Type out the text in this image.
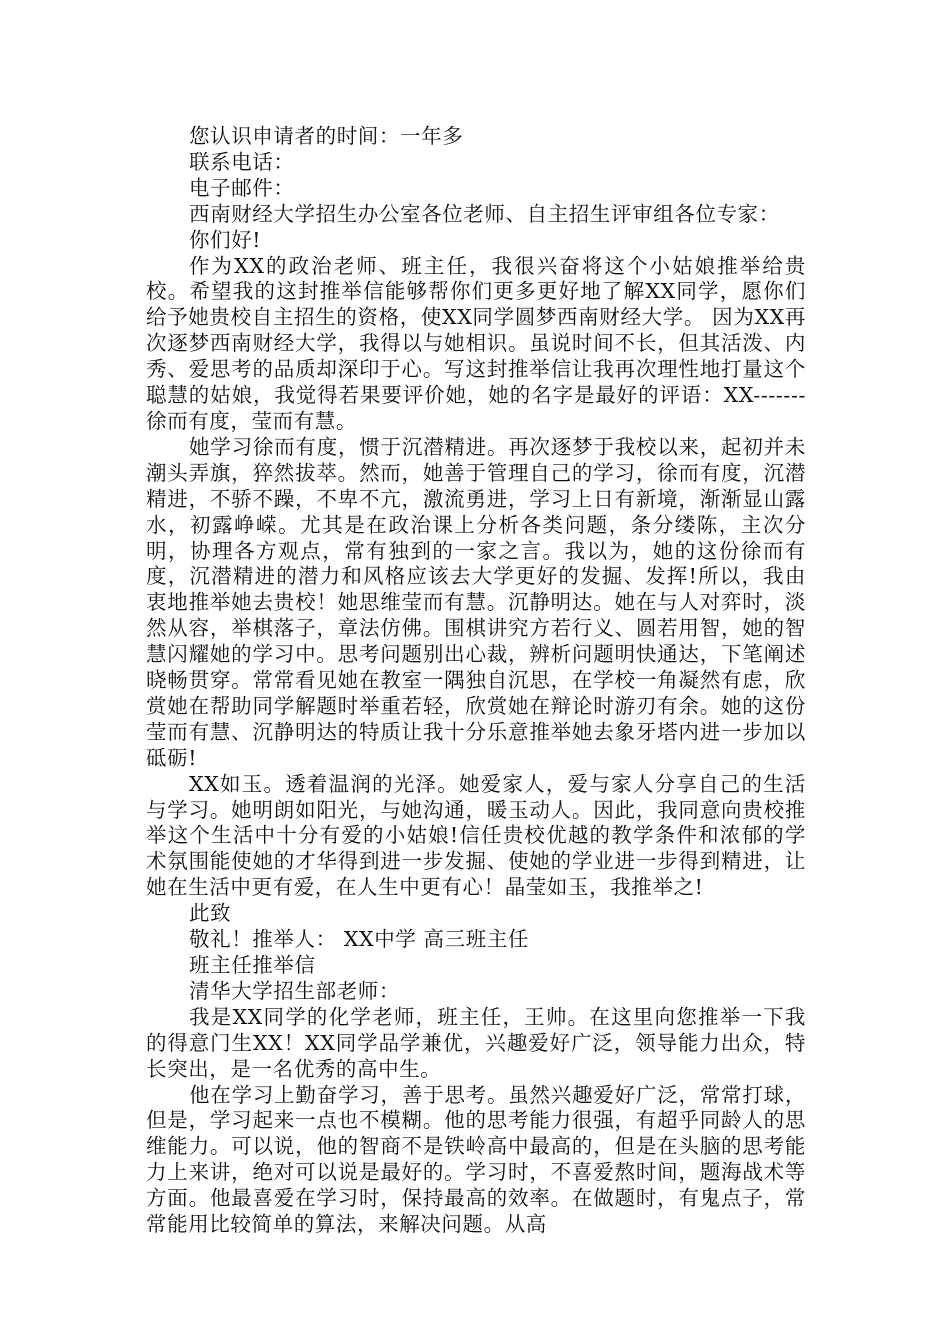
您认识申请者的时间：一年多
联系电话：
电子邮件：
西南财经大学招生办公室各位老师、自主招生评审组各位专家：
你们好!

作为XX的政治老师、班主任，我很兴奋将这个小姑娘推举给贵校。希望我的这封推举信能够帮你们更多更好地了解XX同学，愿你们给予她贵校自主招生的资格，使XX同学圆梦西南财经大学。 因为XX再次逐梦西南财经大学，我得以与她相识。虽说时间不长，但其活泼、内秀、爱思考的品质却深印于心。写这封推举信让我再次理性地打量这个聪慧的姑娘，我觉得若果要评价她，她的名字是最好的评语：XX-------徐而有度，莹而有慧。

她学习徐而有度，惯于沉潜精进。再次逐梦于我校以来，起初并未潮头弄旗，猝然拔萃。然而，她善于管理自己的学习，徐而有度，沉潜精进，不骄不躁，不卑不亢，激流勇进，学习上日有新境，渐渐显山露水，初露峥嵘。尤其是在政治课上分析各类问题，条分缕陈，主次分明，协理各方观点，常有独到的一家之言。我以为，她的这份徐而有度，沉潜精进的潜力和风格应该去大学更好的发掘、发挥!所以，我由衷地推举她去贵校！她思维莹而有慧。沉静明达。她在与人对弈时，淡然从容，举棋落子，章法仿佛。围棋讲究方若行义、圆若用智，她的智慧闪耀她的学习中。思考问题别出心裁，辨析问题明快通达，下笔阐述晓畅贯穿。常常看见她在教室一隅独自沉思，在学校一角凝然有虑，欣赏她在帮助同学解题时举重若轻，欣赏她在辩论时游刃有余。她的这份莹而有慧、沉静明达的特质让我十分乐意推举她去象牙塔内进一步加以砥砺!

XX如玉。透着温润的光泽。她爱家人，爱与家人分享自己的生活与学习。她明朗如阳光，与她沟通，暖玉动人。因此，我同意向贵校推举这个生活中十分有爱的小姑娘!信任贵校优越的教学条件和浓郁的学术氛围能使她的才华得到进一步发掘、使她的学业进一步得到精进，让她在生活中更有爱，在人生中更有心！晶莹如玉，我推举之!

此致
敬礼！推举人： XX中学 高三班主任
班主任推举信
清华大学招生部老师：

我是XX同学的化学老师，班主任，王帅。在这里向您推举一下我的得意门生XX！XX同学品学兼优，兴趣爱好广泛，领导能力出众，特长突出，是一名优秀的高中生。

他在学习上勤奋学习，善于思考。虽然兴趣爱好广泛，常常打球，但是，学习起来一点也不模糊。他的思考能力很强，有超乎同龄人的思维能力。可以说，他的智商不是铁岭高中最高的，但是在头脑的思考能力上来讲，绝对可以说是最好的。学习时，不喜爱熬时间，题海战术等方面。他最喜爱在学习时，保持最高的效率。在做题时，有鬼点子，常常能用比较简单的算法，来解决问题。从高
